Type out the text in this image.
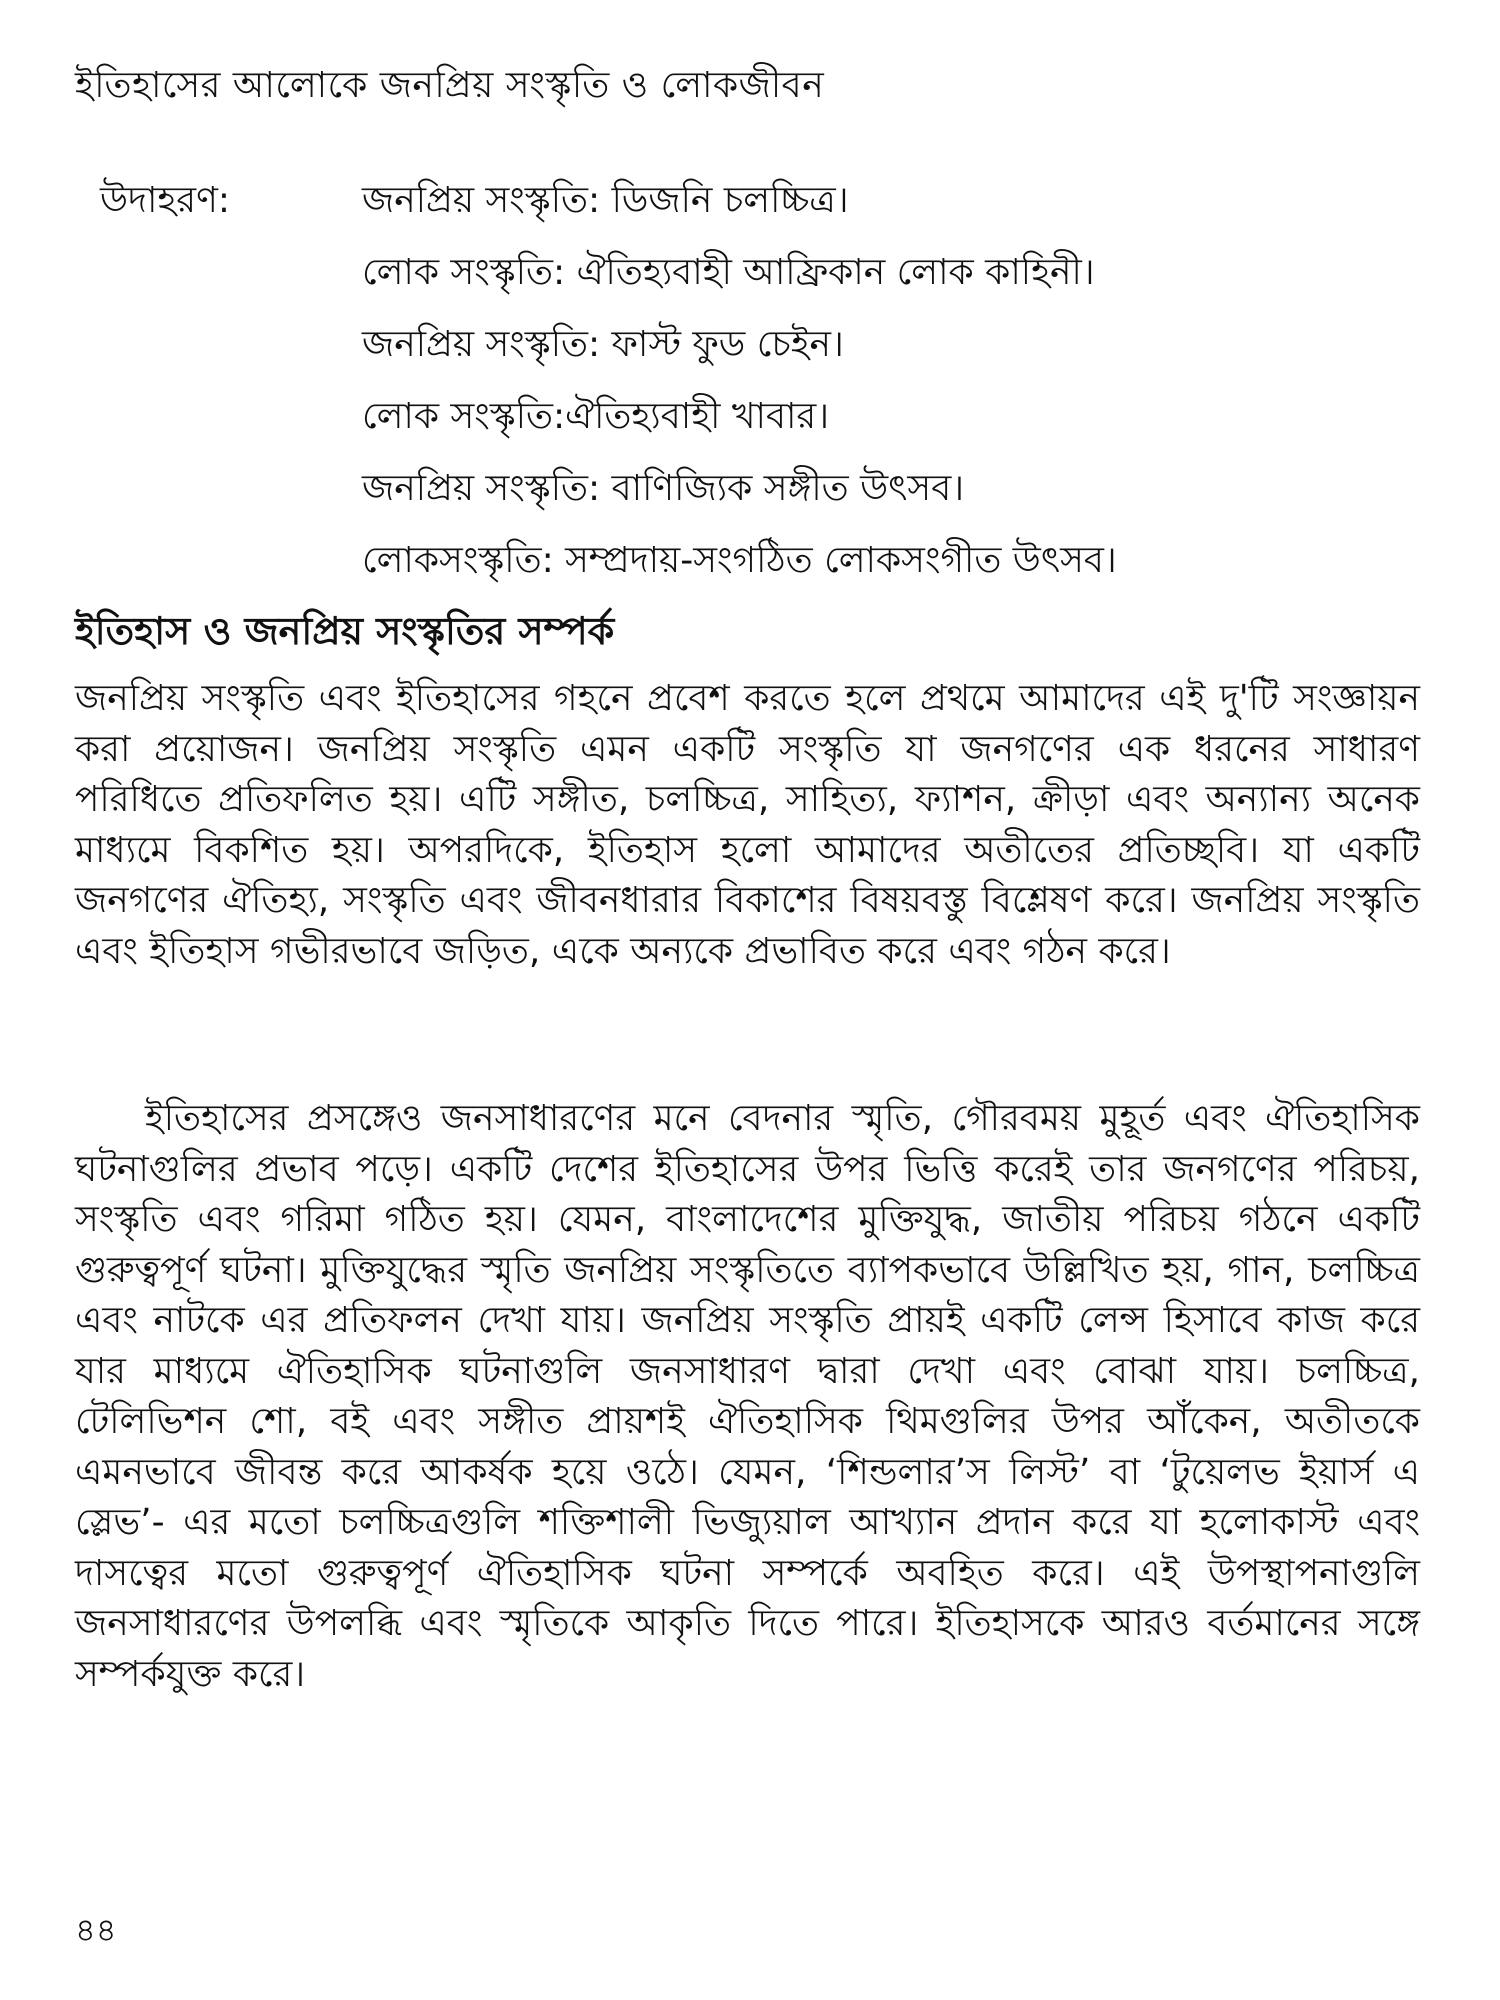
ইতিহাসের আলোকে জনপ্রিয় সংস্কৃতি ও লোকজীবন
উদাহরণ:	জনপ্রিয় সংস্কৃতি: ডিজনি চলচ্চিত্র।
লোক সংস্কৃতি: ঐতিহ্যবাহী আফ্রিকান লোক কাহিনী।
জনপ্রিয় সংস্কৃতি: ফাস্ট ফুড চেইন।
লোক সংস্কৃতি:ঐতিহ্যবাহী খাবার।
জনপ্রিয় সংস্কৃতি: বাণিজ্যিক সঙ্গীত উৎসব।
লোকসংস্কৃতি: সম্প্রদায়-সংগঠিত লোকসংগীত উৎসব।
ইতিহাস ও জনপ্রিয় সংস্কৃতির সম্পর্ক

জনপ্রিয় সংস্কৃতি এবং ইতিহাসের গহনে প্রবেশ করতে হলে প্রথমে আমাদের এই দু'টি সংজ্ঞায়ন করা প্রয়োজন। জনপ্রিয় সংস্কৃতি এমন একটি সংস্কৃতি যা জনগণের এক ধরনের সাধারণ পরিধিতে প্রতিফলিত হয়। এটি সঙ্গীত, চলচ্চিত্র, সাহিত্য, ফ্যাশন, ক্রীড়া এবং অন্যান্য অনেক মাধ্যমে বিকশিত হয়। অপরদিকে, ইতিহাস হলো আমাদের অতীতের প্রতিচ্ছবি। যা একটি জনগণের ঐতিহ্য, সংস্কৃতি এবং জীবনধারার বিকাশের বিষয়বস্তু বিশ্লেষণ করে। জনপ্রিয় সংস্কৃতি এবং ইতিহাস গভীরভাবে জড়িত, একে অন্যকে প্রভাবিত করে এবং গঠন করে।

ইতিহাসের প্রসঙ্গেও জনসাধারণের মনে বেদনার স্মৃতি, গৌরবময় মুহূর্ত এবং ঐতিহাসিক ঘটনাগুলির প্রভাব পড়ে। একটি দেশের ইতিহাসের উপর ভিত্তি করেই তার জনগণের পরিচয়, সংস্কৃতি এবং গরিমা গঠিত হয়। যেমন, বাংলাদেশের মুক্তিযুদ্ধ, জাতীয় পরিচয় গঠনে একটি গুরুত্বপূর্ণ ঘটনা। মুক্তিযুদ্ধের স্মৃতি জনপ্রিয় সংস্কৃতিতে ব্যাপকভাবে উল্লিখিত হয়, গান, চলচ্চিত্র এবং নাটকে এর প্রতিফলন দেখা যায়। জনপ্রিয় সংস্কৃতি প্রায়ই একটি লেন্স হিসাবে কাজ করে যার মাধ্যমে ঐতিহাসিক ঘটনাগুলি জনসাধারণ দ্বারা দেখা এবং বোঝা যায়। চলচ্চিত্র, টেলিভিশন শো, বই এবং সঙ্গীত প্রায়শই ঐতিহাসিক থিমগুলির উপর আঁকেন, অতীতকে এমনভাবে জীবন্ত করে আকর্ষক হয়ে ওঠে। যেমন, ‘শিন্ডলার’স লিস্ট’ বা ‘টুয়েলভ ইয়ার্স এ স্লেভ’- এর মতো চলচ্চিত্রগুলি শক্তিশালী ভিজ্যুয়াল আখ্যান প্রদান করে যা হলোকাস্ট এবং দাসত্বের মতো গুরুত্বপূর্ণ ঐতিহাসিক ঘটনা সম্পর্কে অবহিত করে। এই উপস্থাপনাগুলি জনসাধারণের উপলব্ধি এবং স্মৃতিকে আকৃতি দিতে পারে। ইতিহাসকে আরও বর্তমানের সঙ্গে সম্পর্কযুক্ত করে।

৪৪
